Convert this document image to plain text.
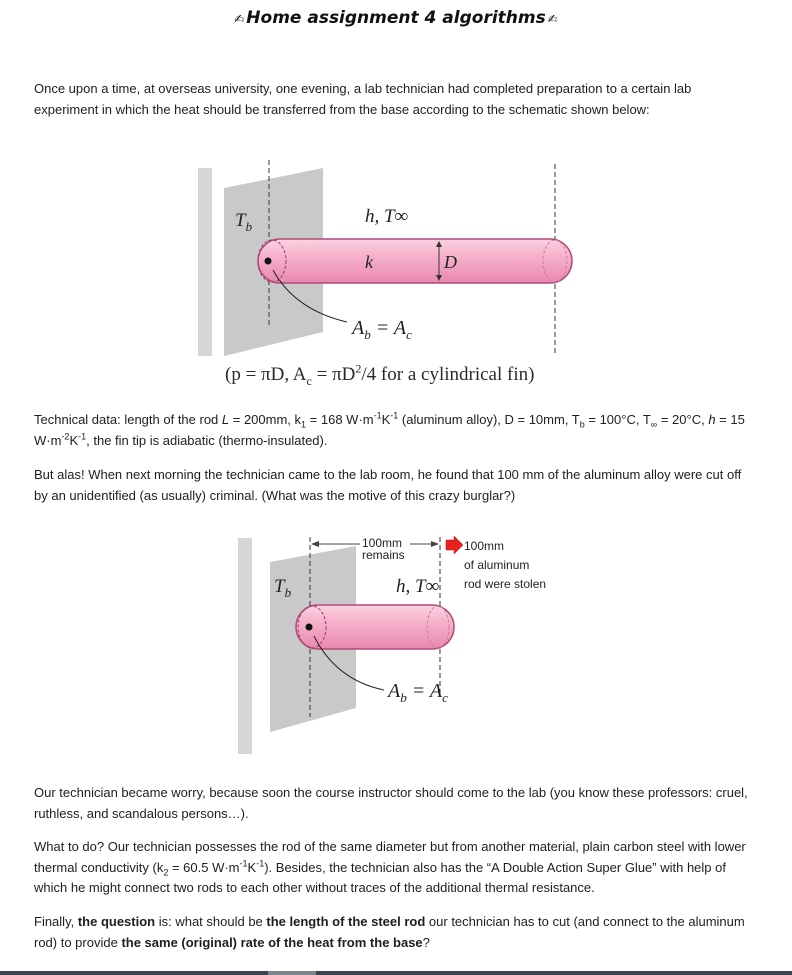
✍ Home assignment 4 algorithms ✍

Once upon a time, at overseas university, one evening, a lab technician had completed preparation to a certain lab experiment in which the heat should be transferred from the base according to the schematic shown below:

$T_b$	h, T∞
k	D
$A_b = A_c$
(p = πD, $A_c = \pi D^2/4$ for a cylindrical fin)

Technical data: length of the rod L = 200mm, $k_1 = 168$ $W\cdot m^{-1}K^{-1}$ (aluminum alloy), D = 10mm, $T_b = 100^\circ C$, $T_\infty = 20^\circ C$, h = 15 $W\cdot m^{-2}K^{-1}$, the fin tip is adiabatic (thermo-insulated).

But alas! When next morning the technician came to the lab room, he found that 100 mm of the aluminum alloy were cut off by an unidentified (as usually) criminal. (What was the motive of this crazy burglar?)

100mm
remains
100mm
of aluminum
rod were stolen
$T_b$	h, T∞
$A_b = A_c$

Our technician became worry, because soon the course instructor should come to the lab (you know these professors: cruel, ruthless, and scandalous persons…).

What to do? Our technician possesses the rod of the same diameter but from another material, plain carbon steel with lower thermal conductivity ($k_2 = 60.5$ $W\cdot m^{-1}K^{-1}$). Besides, the technician also has the “A Double Action Super Glue” with help of which he might connect two rods to each other without traces of the additional thermal resistance.

Finally, the question is: what should be the length of the steel rod our technician has to cut (and connect to the aluminum rod) to provide the same (original) rate of the heat from the base?
